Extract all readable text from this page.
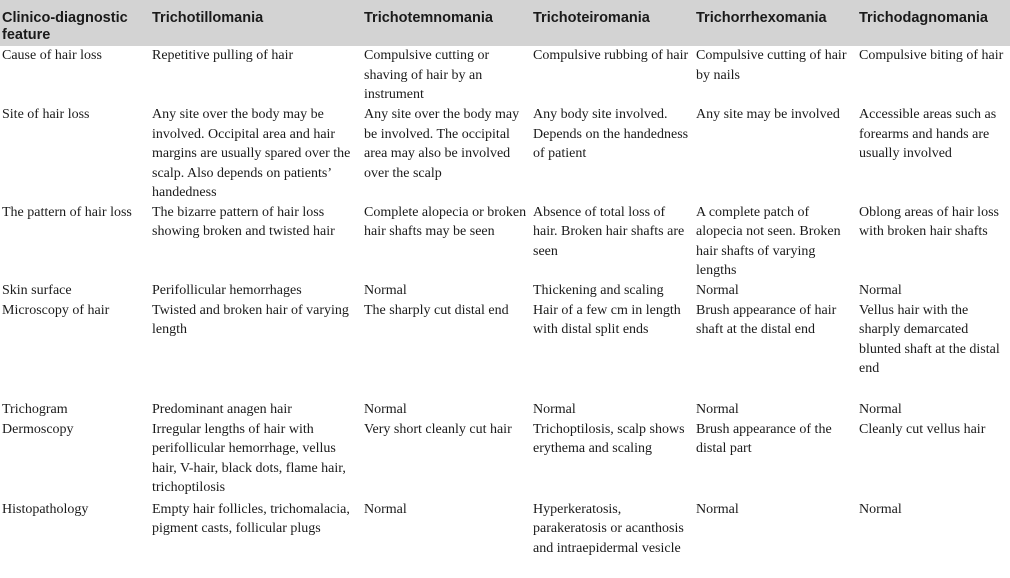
Clinico-diagnostic feature	Trichotillomania	Trichotemnomania	Trichoteiromania	Trichorrhexomania	Trichodagnomania
Cause of hair loss	Repetitive pulling of hair	Compulsive cutting or shaving of hair by an instrument	Compulsive rubbing of hair	Compulsive cutting of hair by nails	Compulsive biting of hair
Site of hair loss	Any site over the body may be involved. Occipital area and hair margins are usually spared over the scalp. Also depends on patients’ handedness	Any site over the body may be involved. The occipital area may also be involved over the scalp	Any body site involved. Depends on the handedness of patient	Any site may be involved	Accessible areas such as forearms and hands are usually involved
The pattern of hair loss	The bizarre pattern of hair loss showing broken and twisted hair	Complete alopecia or broken hair shafts may be seen	Absence of total loss of hair. Broken hair shafts are seen	A complete patch of alopecia not seen. Broken hair shafts of varying lengths	Oblong areas of hair loss with broken hair shafts
Skin surface	Perifollicular hemorrhages	Normal	Thickening and scaling	Normal	Normal
Microscopy of hair	Twisted and broken hair of varying length	The sharply cut distal end	Hair of a few cm in length with distal split ends	Brush appearance of hair shaft at the distal end	Vellus hair with the sharply demarcated blunted shaft at the distal end
Trichogram	Predominant anagen hair	Normal	Normal	Normal	Normal
Dermoscopy	Irregular lengths of hair with perifollicular hemorrhage, vellus hair, V-hair, black dots, flame hair, trichoptilosis	Very short cleanly cut hair	Trichoptilosis, scalp shows erythema and scaling	Brush appearance of the distal part	Cleanly cut vellus hair
Histopathology	Empty hair follicles, trichomalacia, pigment casts, follicular plugs	Normal	Hyperkeratosis, parakeratosis or acanthosis and intraepidermal vesicle	Normal	Normal
